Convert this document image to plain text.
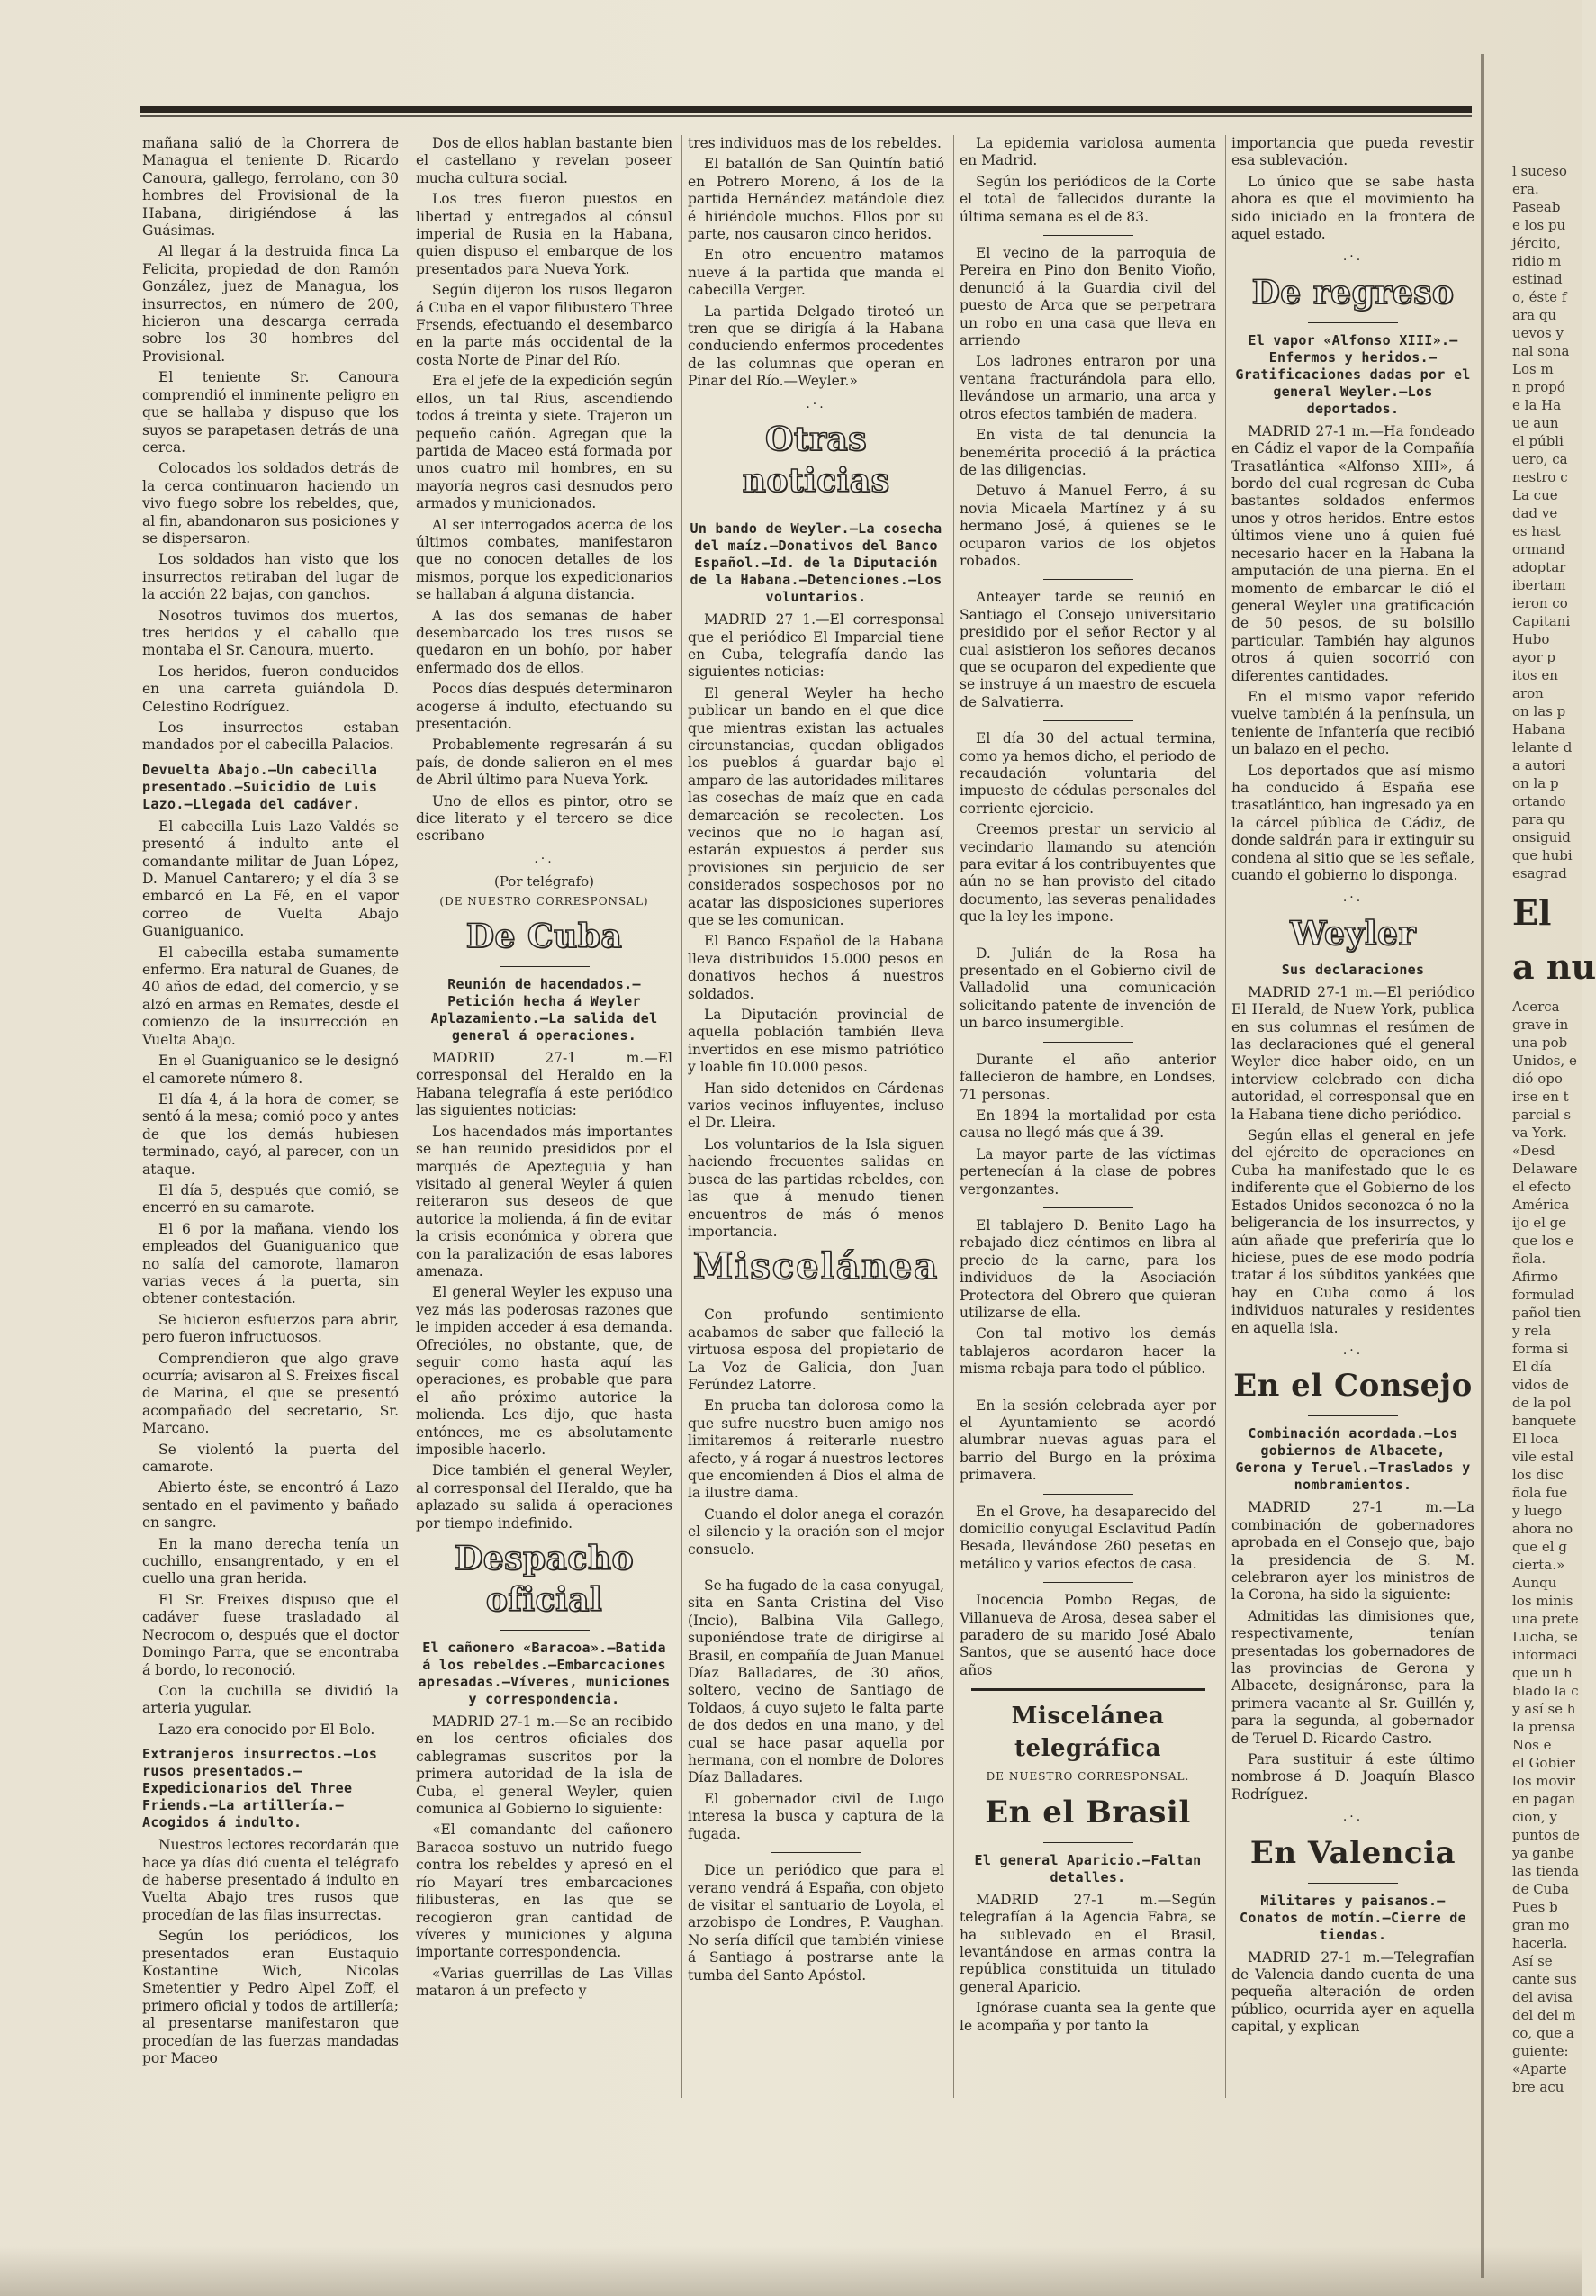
mañana salió de la Chorrera de Managua el teniente D. Ricardo Canoura, gallego, ferrolano, con 30 hombres del Provisional de la Habana, dirigiéndose á las Guásimas.

Al llegar á la destruida finca La Felicita, propiedad de don Ramón González, juez de Managua, los insurrectos, en número de 200, hicieron una descarga cerrada sobre los 30 hombres del Provisional.

El teniente Sr. Canoura comprendió el inminente peligro en que se hallaba y dispuso que los suyos se parapetasen detrás de una cerca.

Colocados los soldados detrás de la cerca continuaron haciendo un vivo fuego sobre los rebeldes, que, al fin, abandonaron sus posiciones y se dispersaron.

Los soldados han visto que los insurrectos retiraban del lugar de la acción 22 bajas, con ganchos.

Nosotros tuvimos dos muertos, tres heridos y el caballo que montaba el Sr. Canoura, muerto.

Los heridos, fueron conducidos en una carreta guiándola D. Celestino Rodríguez.

Los insurrectos estaban mandados por el cabecilla Palacios.

Devuelta Abajo.—Un cabecilla presentado.—Suicidio de Luis Lazo.—Llegada del cadáver.

El cabecilla Luis Lazo Valdés se presentó á indulto ante el comandante militar de Juan López, D. Manuel Cantarero; y el día 3 se embarcó en La Fé, en el vapor correo de Vuelta Abajo Guaniguanico.

El cabecilla estaba sumamente enfermo. Era natural de Guanes, de 40 años de edad, del comercio, y se alzó en armas en Remates, desde el comienzo de la insurrección en Vuelta Abajo.

En el Guaniguanico se le designó el camorete número 8.

El día 4, á la hora de comer, se sentó á la mesa; comió poco y antes de que los demás hubiesen terminado, cayó, al parecer, con un ataque.

El día 5, después que comió, se encerró en su camarote.

El 6 por la mañana, viendo los empleados del Guaniguanico que no salía del camorote, llamaron varias veces á la puerta, sin obtener contestación.

Se hicieron esfuerzos para abrir, pero fueron infructuosos.

Comprendieron que algo grave ocurría; avisaron al S. Freixes fiscal de Marina, el que se presentó acompañado del secretario, Sr. Marcano.

Se violentó la puerta del camarote.

Abierto éste, se encontró á Lazo sentado en el pavimento y bañado en sangre.

En la mano derecha tenía un cuchillo, ensangrentado, y en el cuello una gran herida.

El Sr. Freixes dispuso que el cadáver fuese trasladado al Necrocom o, después que el doctor Domingo Parra, que se encontraba á bordo, lo reconoció.

Con la cuchilla se dividió la arteria yugular.

Lazo era conocido por El Bolo.

Extranjeros insurrectos.—Los rusos presentados.—Expedicionarios del Three Friends.—La artillería.—Acogidos á indulto.

Nuestros lectores recordarán que hace ya días dió cuenta el telégrafo de haberse presentado á indulto en Vuelta Abajo tres rusos que procedían de las filas insurrectas.

Según los periódicos, los presentados eran Eustaquio Kostantine Wich, Nicolas Smetentier y Pedro Alpel Zoff, el primero oficial y todos de artillería; al presentarse manifestaron que procedían de las fuerzas mandadas por Maceo

Dos de ellos hablan bastante bien el castellano y revelan poseer mucha cultura social.

Los tres fueron puestos en libertad y entregados al cónsul imperial de Rusia en la Habana, quien dispuso el embarque de los presentados para Nueva York.

Según dijeron los rusos llegaron á Cuba en el vapor filibustero Three Frsends, efectuando el desembarco en la parte más occidental de la costa Norte de Pinar del Río.

Era el jefe de la expedición según ellos, un tal Rius, ascendiendo todos á treinta y siete. Trajeron un pequeño cañón. Agregan que la partida de Maceo está formada por unos cuatro mil hombres, en su mayoría negros casi desnudos pero armados y municionados.

Al ser interrogados acerca de los últimos combates, manifestaron que no conocen detalles de los mismos, porque los expedicionarios se hallaban á alguna distancia.

A las dos semanas de haber desembarcado los tres rusos se quedaron en un bohío, por haber enfermado dos de ellos.

Pocos días después determinaron acogerse á indulto, efectuando su presentación.

Probablemente regresarán á su país, de donde salieron en el mes de Abril último para Nueva York.

Uno de ellos es pintor, otro se dice literato y el tercero se dice escribano

.·.
(Por telégrafo)
(DE NUESTRO CORRESPONSAL)
De Cuba
Reunión de hacendados.—Petición hecha á Weyler Aplazamiento.—La salida del general á operaciones.

MADRID 27-1 m.—El corresponsal del Heraldo en la Habana telegrafía á este periódico las siguientes noticias:

Los hacendados más importantes se han reunido presididos por el marqués de Apezteguia y han visitado al general Weyler á quien reiteraron sus deseos de que autorice la molienda, á fin de evitar la crisis económica y obrera que con la paralización de esas labores amenaza.

El general Weyler les expuso una vez más las poderosas razones que le impiden acceder á esa demanda. Ofrecióles, no obstante, que, de seguir como hasta aquí las operaciones, es probable que para el año próximo autorice la molienda. Les dijo, que hasta entónces, me es absolutamente imposible hacerlo.

Dice también el general Weyler, al corresponsal del Heraldo, que ha aplazado su salida á operaciones por tiempo indefinido.

Despacho oficial
El cañonero «Baracoa».—Batida á los rebeldes.—Embarcaciones apresadas.—Víveres, municiones y correspondencia.

MADRID 27-1 m.—Se an recibido en los centros oficiales dos cablegramas suscritos por la primera autoridad de la isla de Cuba, el general Weyler, quien comunica al Gobierno lo siguiente:

«El comandante del cañonero Baracoa sostuvo un nutrido fuego contra los rebeldes y apresó en el río Mayarí tres embarcaciones filibusteras, en las que se recogieron gran cantidad de víveres y municiones y alguna importante correspondencia.

«Varias guerrillas de Las Villas mataron á un prefecto y

tres individuos mas de los rebeldes.

El batallón de San Quintín batió en Potrero Moreno, á los de la partida Hernández matándole diez é hiriéndole muchos. Ellos por su parte, nos causaron cinco heridos.

En otro encuentro matamos nueve á la partida que manda el cabecilla Verger.

La partida Delgado tiroteó un tren que se dirigía á la Habana conduciendo enfermos procedentes de las columnas que operan en Pinar del Río.—Weyler.»

.·.
Otras noticias
Un bando de Weyler.—La cosecha del maíz.—Donativos del Banco Español.—Id. de la Diputación de la Habana.—Detenciones.—Los voluntarios.

MADRID 27 1.—El corresponsal que el periódico El Imparcial tiene en Cuba, telegrafía dando las siguientes noticias:

El general Weyler ha hecho publicar un bando en el que dice que mientras existan las actuales circunstancias, quedan obligados los pueblos á guardar bajo el amparo de las autoridades militares las cosechas de maíz que en cada demarcación se recolecten. Los vecinos que no lo hagan así, estarán expuestos á perder sus provisiones sin perjuicio de ser considerados sospechosos por no acatar las disposiciones superiores que se les comunican.

El Banco Español de la Habana lleva distribuidos 15.000 pesos en donativos hechos á nuestros soldados.

La Diputación provincial de aquella población también lleva invertidos en ese mismo patriótico y loable fin 10.000 pesos.

Han sido detenidos en Cárdenas varios vecinos influyentes, incluso el Dr. Lleira.

Los voluntarios de la Isla siguen haciendo frecuentes salidas en busca de las partidas rebeldes, con las que á menudo tienen encuentros de más ó menos importancia.

Miscelánea

Con profundo sentimiento acabamos de saber que falleció la virtuosa esposa del propietario de La Voz de Galicia, don Juan Ferúndez Latorre.

En prueba tan dolorosa como la que sufre nuestro buen amigo nos limitaremos á reiterarle nuestro afecto, y á rogar á nuestros lectores que encomienden á Dios el alma de la ilustre dama.

Cuando el dolor anega el corazón el silencio y la oración son el mejor consuelo.

Se ha fugado de la casa conyugal, sita en Santa Cristina del Viso (Incio), Balbina Vila Gallego, suponiéndose trate de dirigirse al Brasil, en compañía de Juan Manuel Díaz Balladares, de 30 años, soltero, vecino de Santiago de Toldaos, á cuyo sujeto le falta parte de dos dedos en una mano, y del cual se hace pasar aquella por hermana, con el nombre de Dolores Díaz Balladares.

El gobernador civil de Lugo interesa la busca y captura de la fugada.

Dice un periódico que para el verano vendrá á España, con objeto de visitar el santuario de Loyola, el arzobispo de Londres, P. Vaughan. No sería difícil que también viniese á Santiago á postrarse ante la tumba del Santo Apóstol.

La epidemia variolosa aumenta en Madrid.

Según los periódicos de la Corte el total de fallecidos durante la última semana es el de 83.

El vecino de la parroquia de Pereira en Pino don Benito Vioño, denunció á la Guardia civil del puesto de Arca que se perpetrara un robo en una casa que lleva en arriendo

Los ladrones entraron por una ventana fracturándola para ello, llevándose un armario, una arca y otros efectos también de madera.

En vista de tal denuncia la benemérita procedió á la práctica de las diligencias.

Detuvo á Manuel Ferro, á su novia Micaela Martínez y á su hermano José, á quienes se le ocuparon varios de los objetos robados.

Anteayer tarde se reunió en Santiago el Consejo universitario presidido por el señor Rector y al cual asistieron los señores decanos que se ocuparon del expediente que se instruye á un maestro de escuela de Salvatierra.

El día 30 del actual termina, como ya hemos dicho, el periodo de recaudación voluntaria del impuesto de cédulas personales del corriente ejercicio.

Creemos prestar un servicio al vecindario llamando su atención para evitar á los contribuyentes que aún no se han provisto del citado documento, las severas penalidades que la ley les impone.

D. Julián de la Rosa ha presentado en el Gobierno civil de Valladolid una comunicación solicitando patente de invención de un barco insumergible.

Durante el año anterior fallecieron de hambre, en Londses, 71 personas.

En 1894 la mortalidad por esta causa no llegó más que á 39.

La mayor parte de las víctimas pertenecían á la clase de pobres vergonzantes.

El tablajero D. Benito Lago ha rebajado diez céntimos en libra al precio de la carne, para los individuos de la Asociación Protectora del Obrero que quieran utilizarse de ella.

Con tal motivo los demás tablajeros acordaron hacer la misma rebaja para todo el público.

En la sesión celebrada ayer por el Ayuntamiento se acordó alumbrar nuevas aguas para el barrio del Burgo en la próxima primavera.

En el Grove, ha desaparecido del domicilio conyugal Esclavitud Padín Besada, llevándose 260 pesetas en metálico y varios efectos de casa.

Inocencia Pombo Regas, de Villanueva de Arosa, desea saber el paradero de su marido José Abalo Santos, que se ausentó hace doce años

Miscelánea telegráfica
DE NUESTRO CORRESPONSAL.
En el Brasil
El general Aparicio.—Faltan detalles.

MADRID 27-1 m.—Según telegrafían á la Agencia Fabra, se ha sublevado en el Brasil, levantándose en armas contra la república constituida un titulado general Aparicio.

Ignórase cuanta sea la gente que le acompaña y por tanto la

importancia que pueda revestir esa sublevación.

Lo único que se sabe hasta ahora es que el movimiento ha sido iniciado en la frontera de aquel estado.

.·.
De regreso
El vapor «Alfonso XIII».—Enfermos y heridos.—Gratificaciones dadas por el general Weyler.—Los deportados.

MADRID 27-1 m.—Ha fondeado en Cádiz el vapor de la Compañía Trasatlántica «Alfonso XIII», á bordo del cual regresan de Cuba bastantes soldados enfermos unos y otros heridos. Entre estos últimos viene uno á quien fué necesario hacer en la Habana la amputación de una pierna. En el momento de embarcar le dió el general Weyler una gratificación de 50 pesos, de su bolsillo particular. También hay algunos otros á quien socorrió con diferentes cantidades.

En el mismo vapor referido vuelve también á la península, un teniente de Infantería que recibió un balazo en el pecho.

Los deportados que así mismo ha conducido á España ese trasatlántico, han ingresado ya en la cárcel pública de Cádiz, de donde saldrán para ir extinguir su condena al sitio que se les señale, cuando el gobierno lo disponga.

.·.
Weyler
Sus declaraciones

MADRID 27-1 m.—El periódico El Herald, de Nuew York, publica en sus columnas el resúmen de las declaraciones qué el general Weyler dice haber oido, en un interview celebrado con dicha autoridad, el corresponsal que en la Habana tiene dicho periódico.

Según ellas el general en jefe del ejército de operaciones en Cuba ha manifestado que le es indiferente que el Gobierno de los Estados Unidos seconozca ó no la beligerancia de los insurrectos, y aún añade que preferiría que lo hiciese, pues de ese modo podría tratar á los súbditos yankées que hay en Cuba como á los individuos naturales y residentes en aquella isla.

.·.
En el Consejo
Combinación acordada.—Los gobiernos de Albacete, Gerona y Teruel.—Traslados y nombramientos.

MADRID 27-1 m.—La combinación de gobernadores aprobada en el Consejo que, bajo la presidencia de S. M. celebraron ayer los ministros de la Corona, ha sido la siguiente:

Admitidas las dimisiones que, respectivamente, tenían presentadas los gobernadores de las provincias de Gerona y Albacete, designáronse, para la primera vacante al Sr. Guillén y, para la segunda, al gobernador de Teruel D. Ricardo Castro.

Para sustituir á este último nombrose á D. Joaquín Blasco Rodríguez.

.·.
En Valencia
Militares y paisanos.—Conatos de motín.—Cierre de tiendas.

MADRID 27-1 m.—Telegrafían de Valencia dando cuenta de una pequeña alteración de orden público, ocurrida ayer en aquella capital, y explican

l suceso
era.
Paseab
e los pu
jército,
ridio m
estinad
o, éste f
ara qu
uevos y
nal sona
Los m
n propó
e la Ha
ue aun
el públi
uero, ca
nestro c
La cue
dad ve
es hast
ormand
adoptar
ibertam
ieron co
Capitani
Hubo
ayor p
itos en
aron
on las p
Habana
lelante d
a autori
on la p
ortando
para qu
onsiguid
que hubi
esagrad
El
a nu
Acerca
grave in
una pob
Unidos, e
dió opo
irse en t
parcial s
va York.
«Desd
Delaware
el efecto
América
ijo el ge
que los e
ñola.
Afirmo
formulad
pañol tien
y rela
forma si
El día
vidos de
de la pol
banquete
El loca
vile estal
los disc
ñola fue
y luego
ahora no
que el g
cierta.»
Aunqu
los minis
una prete
Lucha, se
informaci
que un h
blado la c
y así se h
la prensa
Nos e
el Gobier
los movir
en pagan
cion, y
puntos de
ya ganbe
las tienda
de Cuba
Pues b
gran mo
hacerla.
Así se
cante sus
del avisa
del del m
co, que a
guiente:
«Aparte
bre acu
